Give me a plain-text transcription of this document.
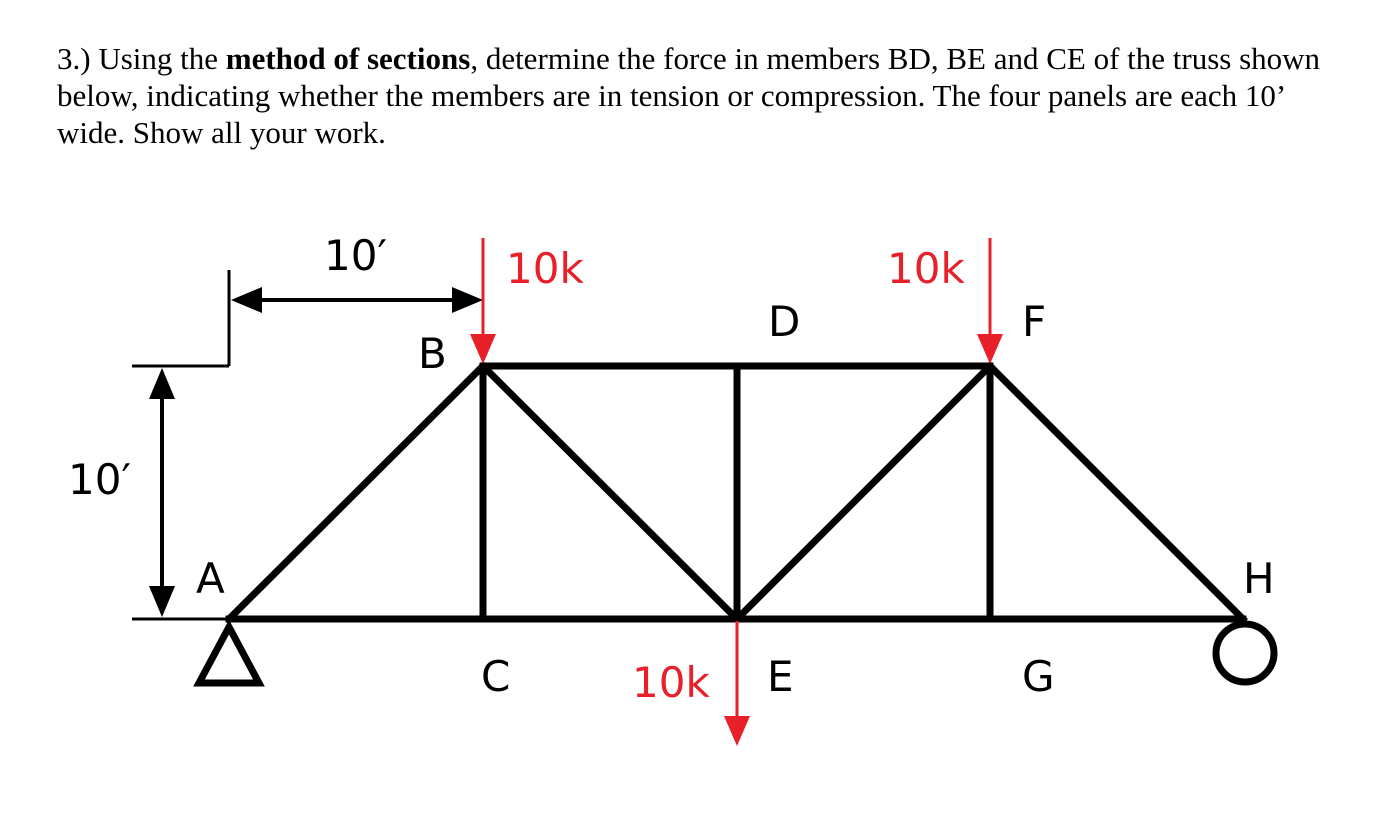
3.) Using the method of sections, determine the force in members BD, BE and CE of the truss shown below, indicating whether the members are in tension or compression. The four panels are each 10’ wide. Show all your work.
10′
10′
10k	10k
10k
A
B
C
D
E
F
G
H
